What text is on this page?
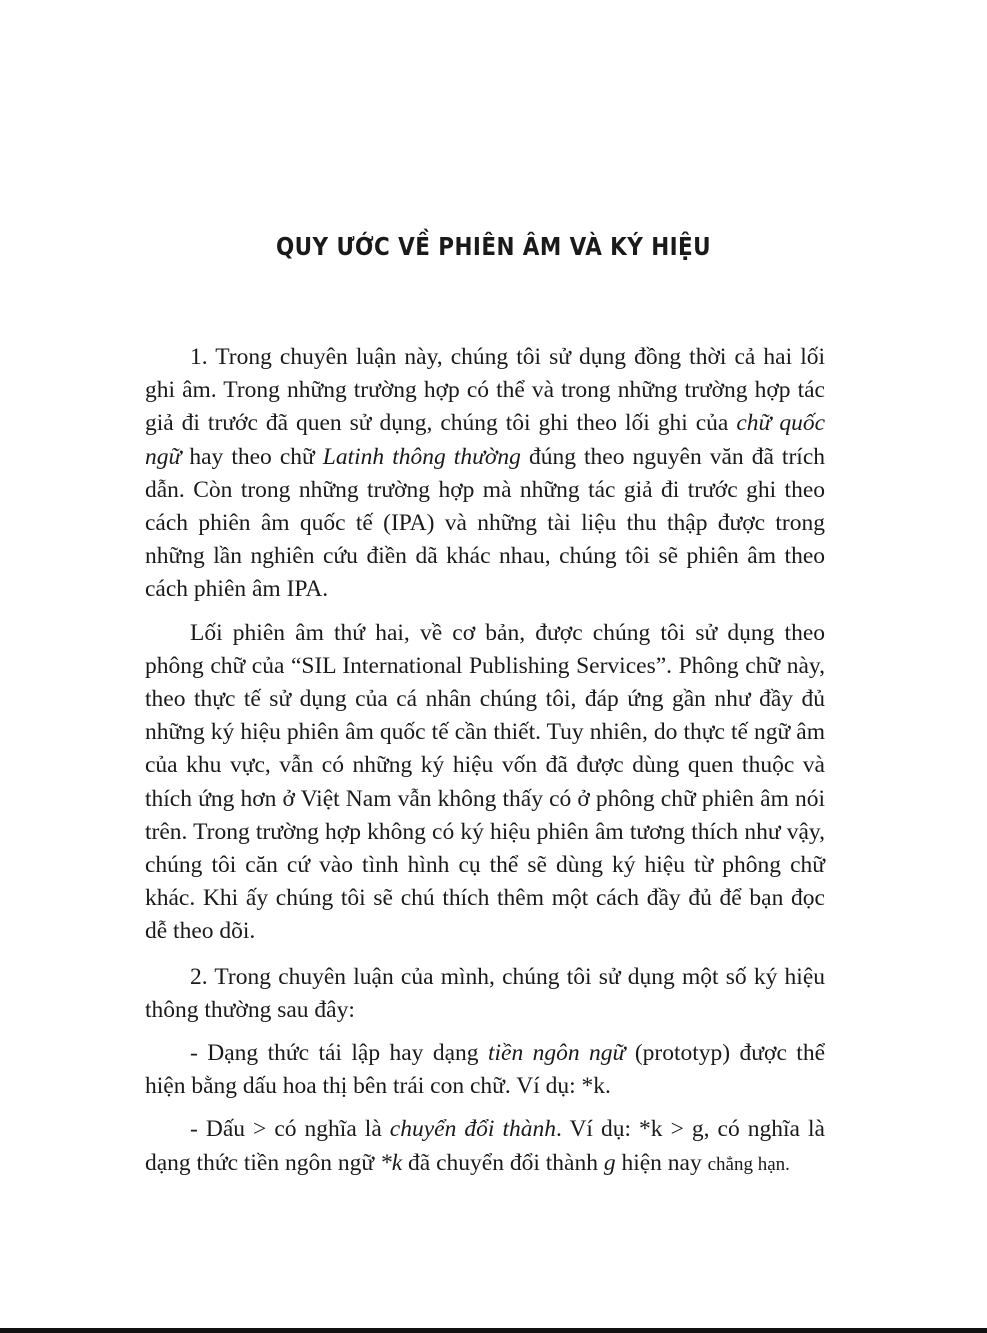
QUY ƯỚC VỀ PHIÊN ÂM VÀ KÝ HIỆU

1. Trong chuyên luận này, chúng tôi sử dụng đồng thời cả hai lối ghi âm. Trong những trường hợp có thể và trong những trường hợp tác giả đi trước đã quen sử dụng, chúng tôi ghi theo lối ghi của chữ quốc ngữ hay theo chữ Latinh thông thường đúng theo nguyên văn đã trích dẫn. Còn trong những trường hợp mà những tác giả đi trước ghi theo cách phiên âm quốc tế (IPA) và những tài liệu thu thập được trong những lần nghiên cứu điền dã khác nhau, chúng tôi sẽ phiên âm theo cách phiên âm IPA.

Lối phiên âm thứ hai, về cơ bản, được chúng tôi sử dụng theo phông chữ của “SIL International Publishing Services”. Phông chữ này, theo thực tế sử dụng của cá nhân chúng tôi, đáp ứng gần như đầy đủ những ký hiệu phiên âm quốc tế cần thiết. Tuy nhiên, do thực tế ngữ âm của khu vực, vẫn có những ký hiệu vốn đã được dùng quen thuộc và thích ứng hơn ở Việt Nam vẫn không thấy có ở phông chữ phiên âm nói trên. Trong trường hợp không có ký hiệu phiên âm tương thích như vậy, chúng tôi căn cứ vào tình hình cụ thể sẽ dùng ký hiệu từ phông chữ khác. Khi ấy chúng tôi sẽ chú thích thêm một cách đầy đủ để bạn đọc dễ theo dõi.

2. Trong chuyên luận của mình, chúng tôi sử dụng một số ký hiệu thông thường sau đây:

- Dạng thức tái lập hay dạng tiền ngôn ngữ (prototyp) được thể hiện bằng dấu hoa thị bên trái con chữ. Ví dụ: *k.

- Dấu > có nghĩa là chuyển đổi thành. Ví dụ: *k > g, có nghĩa là dạng thức tiền ngôn ngữ *k đã chuyển đổi thành g hiện nay chẳng hạn.
